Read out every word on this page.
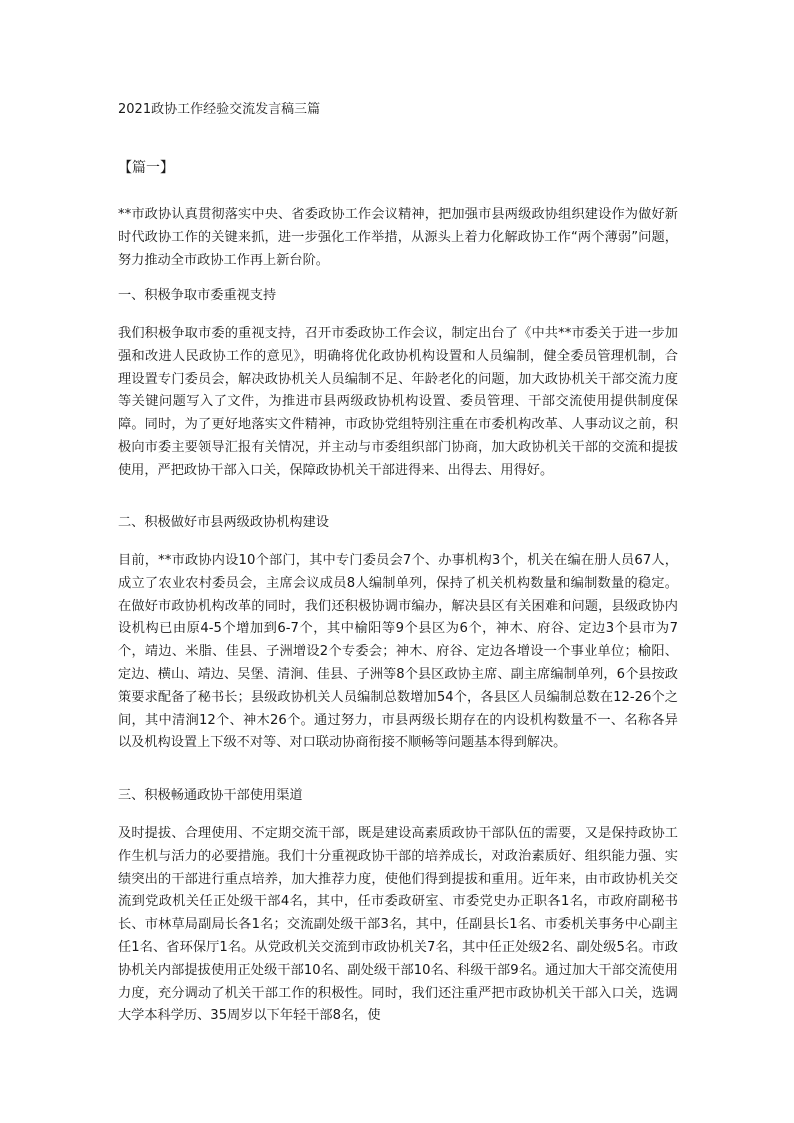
2021政协工作经验交流发言稿三篇
【篇一】

**市政协认真贯彻落实中央、省委政协工作会议精神，把加强市县两级政协组织建设作为做好新时代政协工作的关键来抓，进一步强化工作举措，从源头上着力化解政协工作“两个薄弱”问题，努力推动全市政协工作再上新台阶。

一、积极争取市委重视支持

我们积极争取市委的重视支持，召开市委政协工作会议，制定出台了《中共**市委关于进一步加强和改进人民政协工作的意见》，明确将优化政协机构设置和人员编制，健全委员管理机制，合理设置专门委员会，解决政协机关人员编制不足、年龄老化的问题，加大政协机关干部交流力度等关键问题写入了文件，为推进市县两级政协机构设置、委员管理、干部交流使用提供制度保障。同时，为了更好地落实文件精神，市政协党组特别注重在市委机构改革、人事动议之前，积极向市委主要领导汇报有关情况，并主动与市委组织部门协商，加大政协机关干部的交流和提拔使用，严把政协干部入口关，保障政协机关干部进得来、出得去、用得好。

二、积极做好市县两级政协机构建设

目前，**市政协内设10个部门，其中专门委员会7个、办事机构3个，机关在编在册人员67人，成立了农业农村委员会，主席会议成员8人编制单列，保持了机关机构数量和编制数量的稳定。在做好市政协机构改革的同时，我们还积极协调市编办，解决县区有关困难和问题，县级政协内设机构已由原4-5个增加到6-7个，其中榆阳等9个县区为6个，神木、府谷、定边3个县市为7个，靖边、米脂、佳县、子洲增设2个专委会；神木、府谷、定边各增设一个事业单位；榆阳、定边、横山、靖边、吴堡、清涧、佳县、子洲等8个县区政协主席、副主席编制单列，6个县按政策要求配备了秘书长；县级政协机关人员编制总数增加54个，各县区人员编制总数在12-26个之间，其中清涧12个、神木26个。通过努力，市县两级长期存在的内设机构数量不一、名称各异以及机构设置上下级不对等、对口联动协商衔接不顺畅等问题基本得到解决。

三、积极畅通政协干部使用渠道

及时提拔、合理使用、不定期交流干部，既是建设高素质政协干部队伍的需要，又是保持政协工作生机与活力的必要措施。我们十分重视政协干部的培养成长，对政治素质好、组织能力强、实绩突出的干部进行重点培养，加大推荐力度，使他们得到提拔和重用。近年来，由市政协机关交流到党政机关任正处级干部4名，其中，任市委政研室、市委党史办正职各1名，市政府副秘书长、市林草局副局长各1名；交流副处级干部3名，其中，任副县长1名、市委机关事务中心副主任1名、省环保厅1名。从党政机关交流到市政协机关7名，其中任正处级2名、副处级5名。市政协机关内部提拔使用正处级干部10名、副处级干部10名、科级干部9名。通过加大干部交流使用力度，充分调动了机关干部工作的积极性。同时，我们还注重严把市政协机关干部入口关，选调大学本科学历、35周岁以下年轻干部8名，使
